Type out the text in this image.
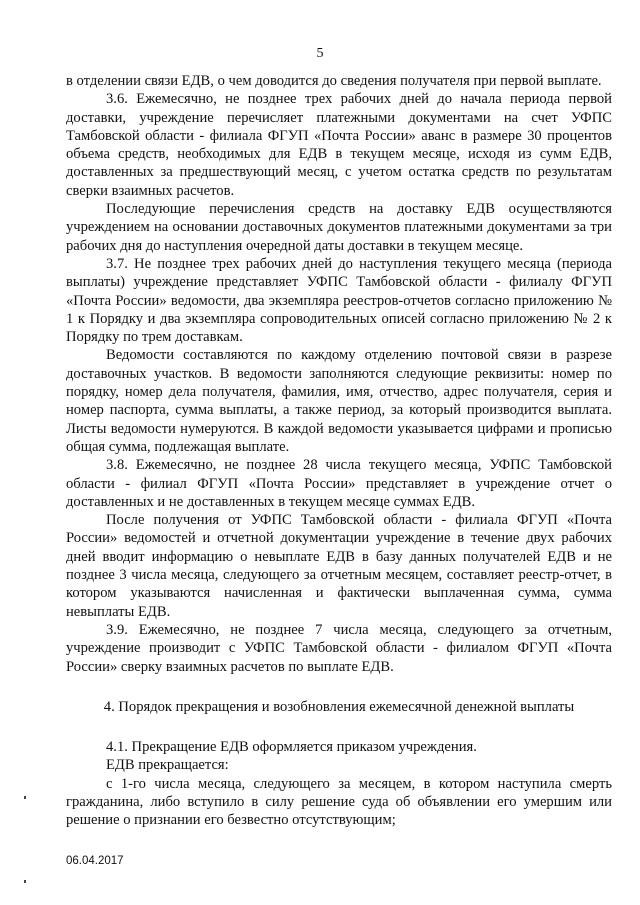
5

в отделении связи ЕДВ, о чем доводится до сведения получателя при первой выплате.

3.6. Ежемесячно, не позднее трех рабочих дней до начала периода первой доставки, учреждение перечисляет платежными документами на счет УФПС Тамбовской области - филиала ФГУП «Почта России» аванс в размере 30 процентов объема средств, необходимых для ЕДВ в текущем месяце, исходя из сумм ЕДВ, доставленных за предшествующий месяц, с учетом остатка средств по результатам сверки взаимных расчетов.

Последующие перечисления средств на доставку ЕДВ осуществляются учреждением на основании доставочных документов платежными документами за три рабочих дня до наступления очередной даты доставки в текущем месяце.

3.7. Не позднее трех рабочих дней до наступления текущего месяца (периода выплаты) учреждение представляет УФПС Тамбовской области - филиалу ФГУП «Почта России» ведомости, два экземпляра реестров-отчетов согласно приложению № 1 к Порядку и два экземпляра сопроводительных описей согласно приложению № 2 к Порядку по трем доставкам.

Ведомости составляются по каждому отделению почтовой связи в разрезе доставочных участков. В ведомости заполняются следующие реквизиты: номер по порядку, номер дела получателя, фамилия, имя, отчество, адрес получателя, серия и номер паспорта, сумма выплаты, а также период, за который производится выплата. Листы ведомости нумеруются. В каждой ведомости указывается цифрами и прописью общая сумма, подлежащая выплате.

3.8. Ежемесячно, не позднее 28 числа текущего месяца, УФПС Тамбовской области - филиал ФГУП «Почта России» представляет в учреждение отчет о доставленных и не доставленных в текущем месяце суммах ЕДВ.

После получения от УФПС Тамбовской области - филиала ФГУП «Почта России» ведомостей и отчетной документации учреждение в течение двух рабочих дней вводит информацию о невыплате ЕДВ в базу данных получателей ЕДВ и не позднее 3 числа месяца, следующего за отчетным месяцем, составляет реестр-отчет, в котором указываются начисленная и фактически выплаченная сумма, сумма невыплаты ЕДВ.

3.9. Ежемесячно, не позднее 7 числа месяца, следующего за отчетным, учреждение производит с УФПС Тамбовской области - филиалом ФГУП «Почта России» сверку взаимных расчетов по выплате ЕДВ.

4. Порядок прекращения и возобновления ежемесячной денежной выплаты

4.1. Прекращение ЕДВ оформляется приказом учреждения.

ЕДВ прекращается:

с 1-го числа месяца, следующего за месяцем, в котором наступила смерть гражданина, либо вступило в силу решение суда об объявлении его умершим или решение о признании его безвестно отсутствующим;

06.04.2017
